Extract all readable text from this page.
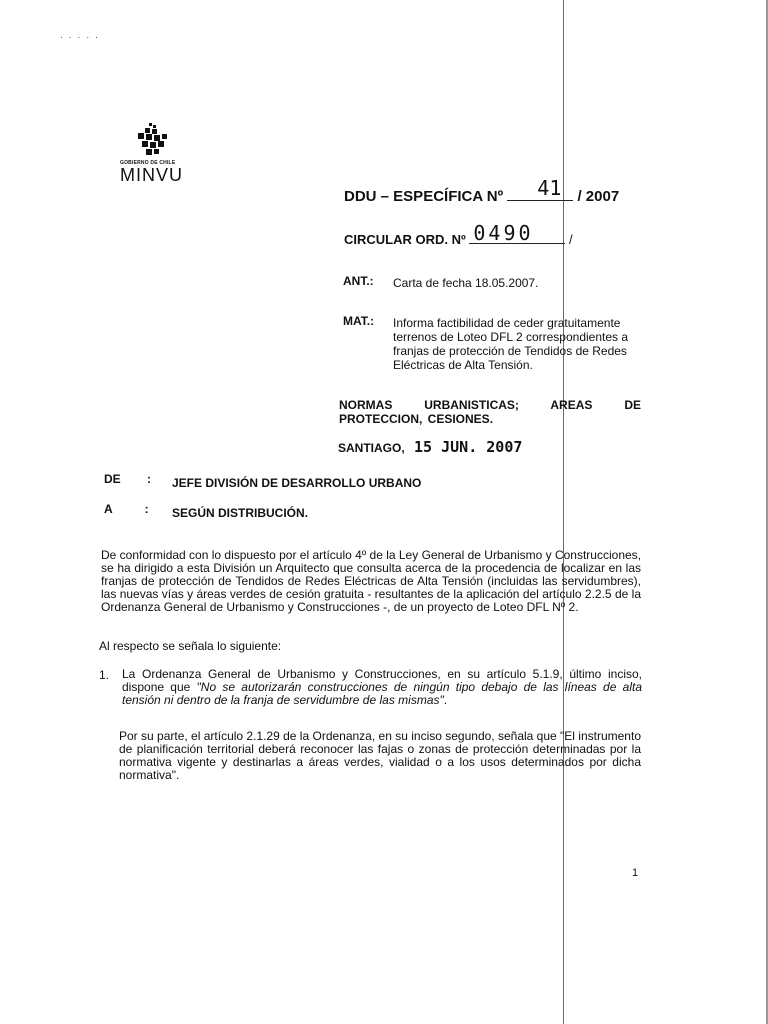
.....
GOBIERNO DE CHILE
MINVU
DDU – ESPECÍFICA Nº 41 / 2007
CIRCULAR ORD. Nº 0490	/
ANT.: Carta de fecha 18.05.2007.
MAT.: Informa factibilidad de ceder gratuitamente terrenos de Loteo DFL 2 correspondientes a franjas de protección de Tendidos de Redes Eléctricas de Alta Tensión.
NORMAS URBANISTICAS; AREAS DE PROTECCION, CESIONES.
SANTIAGO, 15 JUN. 2007
DE :	JEFE DIVISIÓN DE DESARROLLO URBANO
A	:	SEGÚN DISTRIBUCIÓN.
De conformidad con lo dispuesto por el artículo 4º de la Ley General de Urbanismo y Construcciones, se ha dirigido a esta División un Arquitecto que consulta acerca de la procedencia de localizar en las franjas de protección de Tendidos de Redes Eléctricas de Alta Tensión (incluidas las servidumbres), las nuevas vías y áreas verdes de cesión gratuita - resultantes de la aplicación del artículo 2.2.5 de la Ordenanza General de Urbanismo y Construcciones -, de un proyecto de Loteo DFL Nº 2.
Al respecto se señala lo siguiente:
1. La Ordenanza General de Urbanismo y Construcciones, en su artículo 5.1.9, último inciso, dispone que "No se autorizarán construcciones de ningún tipo debajo de las líneas de alta tensión ni dentro de la franja de servidumbre de las mismas".
Por su parte, el artículo 2.1.29 de la Ordenanza, en su inciso segundo, señala que "El instrumento de planificación territorial deberá reconocer las fajas o zonas de protección determinadas por la normativa vigente y destinarlas a áreas verdes, vialidad o a los usos determinados por dicha normativa".
1
